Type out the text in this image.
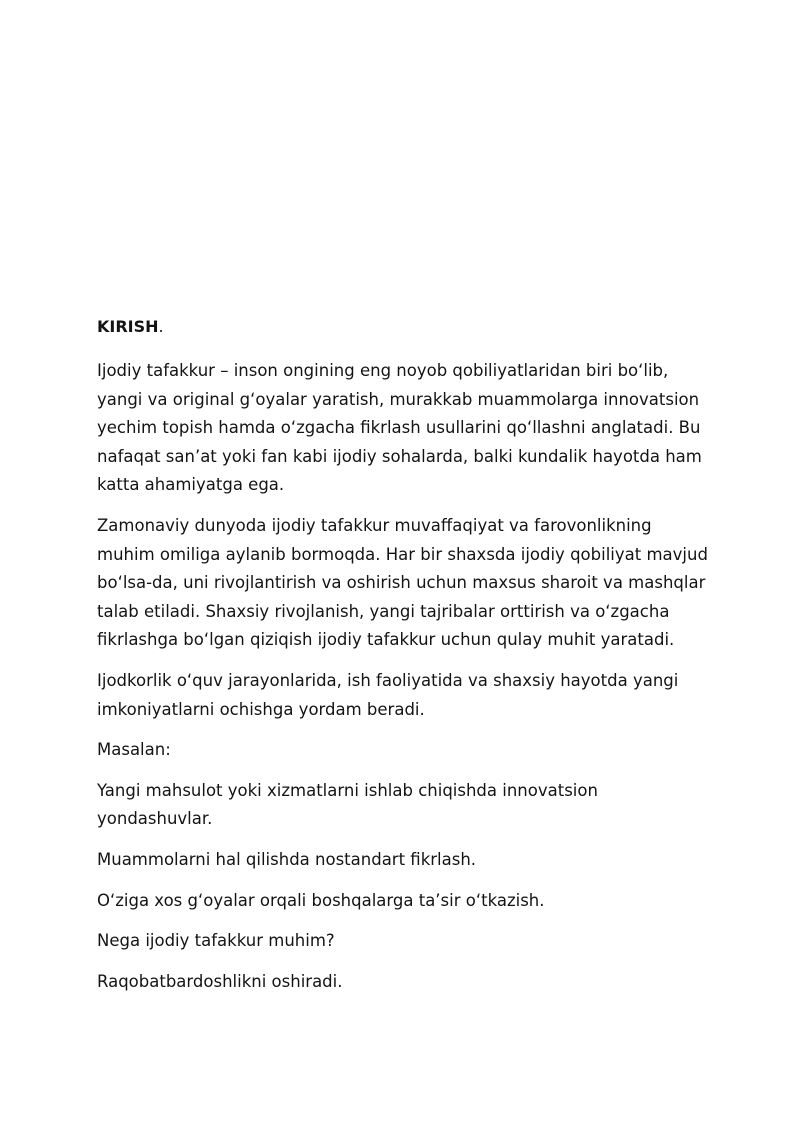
KIRISH.

Ijodiy tafakkur – inson ongining eng noyob qobiliyatlaridan biri bo‘lib, yangi va original g‘oyalar yaratish, murakkab muammolarga innovatsion yechim topish hamda o‘zgacha fikrlash usullarini qo‘llashni anglatadi. Bu nafaqat san’at yoki fan kabi ijodiy sohalarda, balki kundalik hayotda ham katta ahamiyatga ega.

Zamonaviy dunyoda ijodiy tafakkur muvaffaqiyat va farovonlikning muhim omiliga aylanib bormoqda. Har bir shaxsda ijodiy qobiliyat mavjud bo‘lsa-da, uni rivojlantirish va oshirish uchun maxsus sharoit va mashqlar talab etiladi. Shaxsiy rivojlanish, yangi tajribalar orttirish va o‘zgacha fikrlashga bo‘lgan qiziqish ijodiy tafakkur uchun qulay muhit yaratadi.

Ijodkorlik o‘quv jarayonlarida, ish faoliyatida va shaxsiy hayotda yangi imkoniyatlarni ochishga yordam beradi.

Masalan:

Yangi mahsulot yoki xizmatlarni ishlab chiqishda innovatsion yondashuvlar.

Muammolarni hal qilishda nostandart fikrlash.

O‘ziga xos g‘oyalar orqali boshqalarga ta’sir o‘tkazish.

Nega ijodiy tafakkur muhim?

Raqobatbardoshlikni oshiradi.
